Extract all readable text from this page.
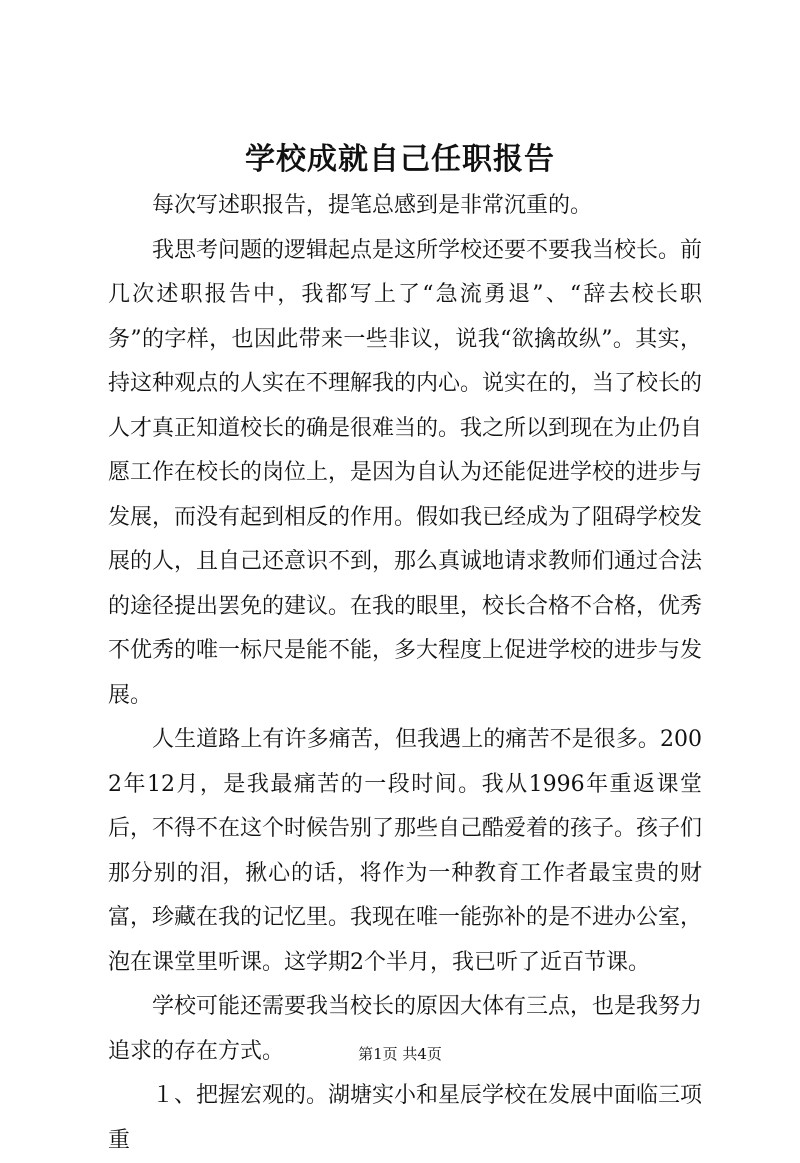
学校成就自己任职报告

每次写述职报告，提笔总感到是非常沉重的。

我思考问题的逻辑起点是这所学校还要不要我当校长。前几次述职报告中，我都写上了“急流勇退”、“辞去校长职务”的字样，也因此带来一些非议，说我“欲擒故纵”。其实，持这种观点的人实在不理解我的内心。说实在的，当了校长的人才真正知道校长的确是很难当的。我之所以到现在为止仍自愿工作在校长的岗位上，是因为自认为还能促进学校的进步与发展，而没有起到相反的作用。假如我已经成为了阻碍学校发展的人，且自己还意识不到，那么真诚地请求教师们通过合法的途径提出罢免的建议。在我的眼里，校长合格不合格，优秀不优秀的唯一标尺是能不能，多大程度上促进学校的进步与发展。

人生道路上有许多痛苦，但我遇上的痛苦不是很多。2002年12月，是我最痛苦的一段时间。我从1996年重返课堂后，不得不在这个时候告别了那些自己酷爱着的孩子。孩子们那分别的泪，揪心的话，将作为一种教育工作者最宝贵的财富，珍藏在我的记忆里。我现在唯一能弥补的是不进办公室，泡在课堂里听课。这学期2个半月，我已听了近百节课。

学校可能还需要我当校长的原因大体有三点，也是我努力追求的存在方式。

１、把握宏观的。湖塘实小和星辰学校在发展中面临三项重

第1页 共4页
